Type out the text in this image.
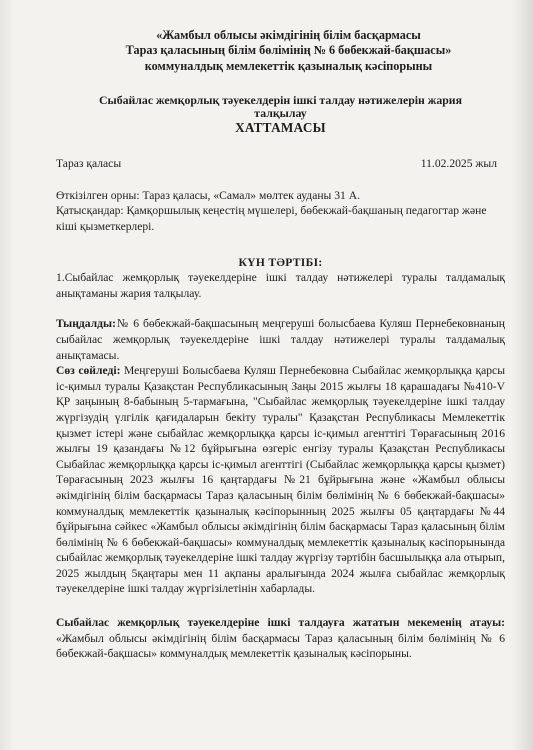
«Жамбыл облысы әкімдігінің білім басқармасы
Тараз қаласының білім бөлімінің № 6 бөбекжай-бақшасы»
коммуналдық мемлекеттік қазыналық кәсіпорыны
Сыбайлас жемқорлық тәуекелдерін ішкі талдау нәтижелерін жария
талқылау
ХАТТАМАСЫ
Тараз қаласы	11.02.2025 жыл
Өткізілген орны: Тараз қаласы, «Самал» мөлтек ауданы 31 А.
Қатысқандар: Қамқоршылық кеңестің мүшелері, бөбекжай-бақшаның педагогтар және кіші қызметкерлері.
КҮН ТӘРТІБІ:
1.Сыбайлас жемқорлық тәуекелдеріне ішкі талдау нәтижелері туралы талдамалық анықтаманы жария талқылау.
Тыңдалды:№ 6 бөбекжай-бақшасының меңгеруші болысбаева Куляш Пернебековнаның сыбайлас жемқорлық тәуекелдеріне ішкі талдау нәтижелері туралы талдамалық анықтамасы.
Сөз сөйледі: Меңгеруші Болысбаева Куляш Пернебековна Сыбайлас жемқорлыққа қарсы іс-қимыл туралы Қазақстан Республикасының Заңы 2015 жылғы 18 қарашадағы №410-V ҚР заңының 8-бабының 5-тармағына, "Сыбайлас жемқорлық тәуекелдеріне ішкі талдау жүргізудің үлгілік қағидаларын бекіту туралы" Қазақстан Республикасы Мемлекеттік қызмет істері және сыбайлас жемқорлыққа қарсы іс-қимыл агенттігі Төрағасының 2016 жылғы 19 қазандағы №12 бұйрығына өзгеріс енгізу туралы Қазақстан Республикасы Сыбайлас жемқорлыққа қарсы іс-қимыл агенттігі (Сыбайлас жемқорлыққа қарсы қызмет) Төрағасының 2023 жылғы 16 қаңтардағы №21 бұйрығына және «Жамбыл облысы әкімдігінің білім басқармасы Тараз қаласының білім бөлімінің № 6 бөбекжай-бақшасы» коммуналдық мемлекеттік қазыналық кәсіпорынның 2025 жылғы 05 қаңтардағы №44 бұйрығына сәйкес «Жамбыл облысы әкімдігінің білім басқармасы Тараз қаласының білім бөлімінің № 6 бөбекжай-бақшасы» коммуналдық мемлекеттік қазыналық кәсіпорынында сыбайлас жемқорлық тәуекелдеріне ішкі талдау жүргізу тәртібін басшылыққа ала отырып, 2025 жылдың 5қаңтары мен 11 ақпаны аралығында 2024 жылға сыбайлас жемқорлық тәуекелдеріне ішкі талдау жүргізілетінін хабарлады.
Сыбайлас жемқорлық тәуекелдеріне ішкі талдауға жататын мекеменің атауы: «Жамбыл облысы әкімдігінің білім басқармасы Тараз қаласының білім бөлімінің № 6 бөбекжай-бақшасы» коммуналдық мемлекеттік қазыналық кәсіпорыны.
